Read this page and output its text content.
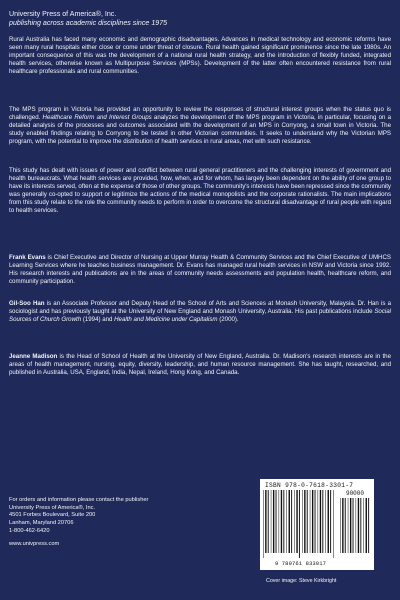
University Press of America®, Inc.
publishing across academic disciplines since 1975

Rural Australia has faced many economic and demographic disadvantages. Advances in medical technology and economic reforms have seen many rural hospitals either close or come under threat of closure. Rural health gained significant prominence since the late 1980s. An important consequence of this was the development of a national rural health strategy, and the introduction of flexibly funded, integrated health services, otherwise known as Multipurpose Services (MPSs). Development of the latter often encountered resistance from rural healthcare professionals and rural communities.

The MPS program in Victoria has provided an opportunity to review the responses of structural interest groups when the status quo is challenged. Healthcare Reform and Interest Groups analyzes the development of the MPS program in Victoria, in particular, focusing on a detailed analysis of the processes and outcomes associated with the development of an MPS in Corryong, a small town in Victoria. The study enabled findings relating to Corryong to be tested in other Victorian communities. It seeks to understand why the Victorian MPS program, with the potential to improve the distribution of health services in rural areas, met with such resistance.

This study has dealt with issues of power and conflict between rural general practitioners and the challenging interests of government and health bureaucrats. What health services are provided, how, when, and for whom, has largely been dependent on the ability of one group to have its interests served, often at the expense of those of other groups. The community's interests have been repressed since the community was generally co-opted to support or legitimize the actions of the medical monopolists and the corporate rationalists. The main implications from this study relate to the role the community needs to perform in order to overcome the structural disadvantage of rural people with regard to health services.

Frank Evans is Chief Executive and Director of Nursing at Upper Murray Health & Community Services and the Chief Executive of UMHCS Learning Services where he teaches business management. Dr. Evans has managed rural health services in NSW and Victoria since 1992. His research interests and publications are in the areas of community needs assessments and population health, healthcare reform, and community participation.

Gil-Soo Han is an Associate Professor and Deputy Head of the School of Arts and Sciences at Monash University, Malaysia. Dr. Han is a sociologist and has previously taught at the University of New England and Monash University, Australia. His past publications include Social Sources of Church Growth (1994) and Health and Medicine under Capitalism (2000).

Jeanne Madison is the Head of School of Health at the University of New England, Australia. Dr. Madison's research interests are in the areas of health management, nursing, equity, diversity, leadership, and human resource management. She has taught, researched, and published in Australia, USA, England, India, Nepal, Ireland, Hong Kong, and Canada.

For orders and information please contact the publisher
University Press of America®, Inc.
4501 Forbes Boulevard, Suite 200
Lanham, Maryland 20706
1-800-462-6420
www.univpress.com
ISBN 978-0-7618-3301-7
90000
9 780761 833017
Cover image: Steve Kirkbright
